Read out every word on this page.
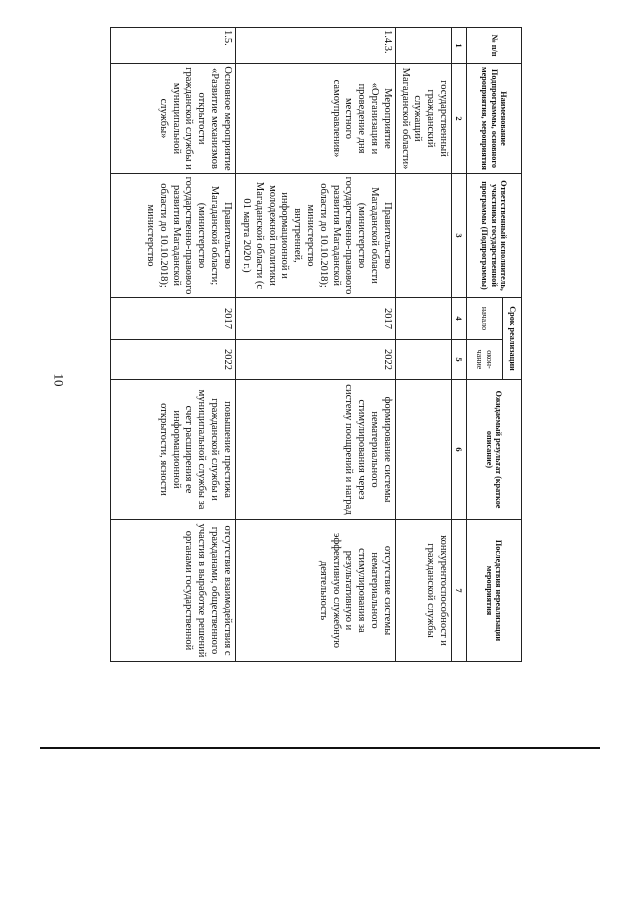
10
№ п/п	Наименование Подпрограммы, основного мероприятия, мероприятия	Ответственный исполнитель, участники государственной программы (Подпрограммы)	Срок реализации		Ожидаемый результат (краткое описание)	Последствия нереализации мероприятия
			начало	окон-чание		
1	2	3	4	5	6	7
	государственный гражданский служащий Магаданской области»					конкурентоспособност и гражданской службы
1.4.3.	Мероприятие «Организация и проведение дня местного самоуправления»	Правительство Магаданской области (министерство государственно-правового развития Магаданской области до 10.10.2018); министерство внутренней, информационной и молодежной политики Магаданской области (с 01 марта 2020 г.)	2017	2022	формирование системы нематериального стимулирования через систему поощрений и наград	отсутствие системы нематериального стимулирования за результативную и эффективную служебную деятельность
1.5.	Основное мероприятие «Развитие механизмов открытости гражданской службы и муниципальной службы»	Правительство Магаданской области; (министерство государственно-правового развития Магаданской области до 10.10.2018); министерство	2017	2022	повышение престижа гражданской службы и муниципальной службы за счет расширения ее информационной открытости, ясности	отсутствие взаимодействия с гражданами, общественного участия в выработке решений органами государственной
